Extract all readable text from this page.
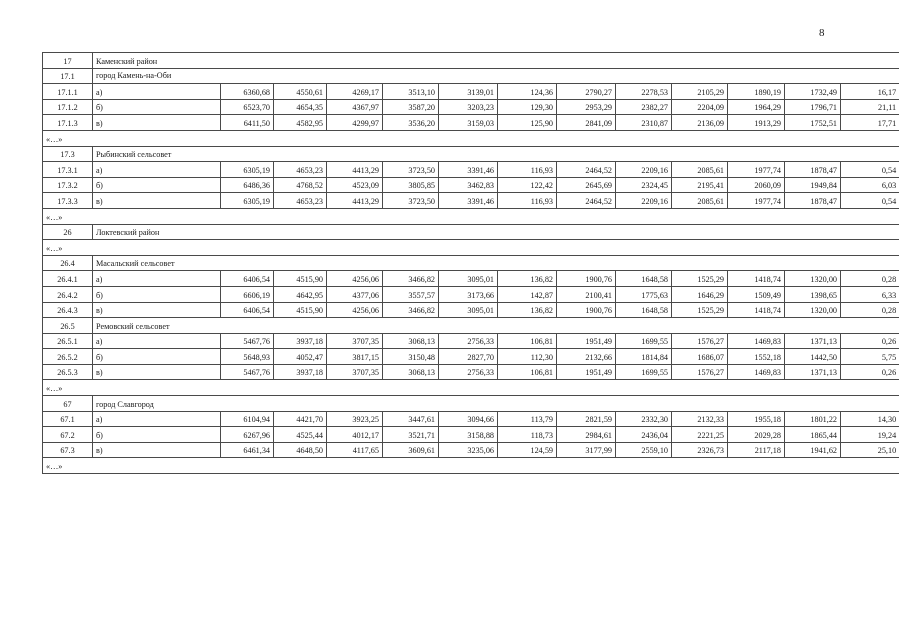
8
17	Каменский район												
17.1	город Камень-на-Оби												
17.1.1	а)	6360,68	4550,61	4269,17	3513,10	3139,01	124,36	2790,27	2278,53	2105,29	1890,19	1732,49	16,17
17.1.2	б)	6523,70	4654,35	4367,97	3587,20	3203,23	129,30	2953,29	2382,27	2204,09	1964,29	1796,71	21,11
17.1.3	в)	6411,50	4582,95	4299,97	3536,20	3159,03	125,90	2841,09	2310,87	2136,09	1913,29	1752,51	17,71
«…»													
17.3	Рыбинский сельсовет												
17.3.1	а)	6305,19	4653,23	4413,29	3723,50	3391,46	116,93	2464,52	2209,16	2085,61	1977,74	1878,47	0,54
17.3.2	б)	6486,36	4768,52	4523,09	3805,85	3462,83	122,42	2645,69	2324,45	2195,41	2060,09	1949,84	6,03
17.3.3	в)	6305,19	4653,23	4413,29	3723,50	3391,46	116,93	2464,52	2209,16	2085,61	1977,74	1878,47	0,54
«…»													
26	Локтевский район												
«…»													
26.4	Масальский сельсовет												
26.4.1	а)	6406,54	4515,90	4256,06	3466,82	3095,01	136,82	1900,76	1648,58	1525,29	1418,74	1320,00	0,28
26.4.2	б)	6606,19	4642,95	4377,06	3557,57	3173,66	142,87	2100,41	1775,63	1646,29	1509,49	1398,65	6,33
26.4.3	в)	6406,54	4515,90	4256,06	3466,82	3095,01	136,82	1900,76	1648,58	1525,29	1418,74	1320,00	0,28
26.5	Ремовский сельсовет												
26.5.1	а)	5467,76	3937,18	3707,35	3068,13	2756,33	106,81	1951,49	1699,55	1576,27	1469,83	1371,13	0,26
26.5.2	б)	5648,93	4052,47	3817,15	3150,48	2827,70	112,30	2132,66	1814,84	1686,07	1552,18	1442,50	5,75
26.5.3	в)	5467,76	3937,18	3707,35	3068,13	2756,33	106,81	1951,49	1699,55	1576,27	1469,83	1371,13	0,26
«…»													
67	город Славгород												
67.1	а)	6104,94	4421,70	3923,25	3447,61	3094,66	113,79	2821,59	2332,30	2132,33	1955,18	1801,22	14,30
67.2	б)	6267,96	4525,44	4012,17	3521,71	3158,88	118,73	2984,61	2436,04	2221,25	2029,28	1865,44	19,24
67.3	в)	6461,34	4648,50	4117,65	3609,61	3235,06	124,59	3177,99	2559,10	2326,73	2117,18	1941,62	25,10
«…»													
